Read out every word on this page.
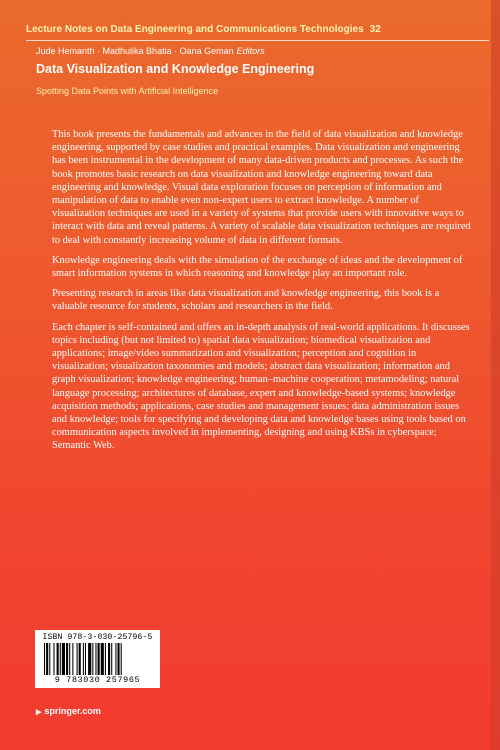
Lecture Notes on Data Engineering and Communications Technologies 32
Jude Hemanth · Madhulika Bhatia · Oana Geman Editors
Data Visualization and Knowledge Engineering
Spotting Data Points with Artificial Intelligence

This book presents the fundamentals and advances in the field of data visualization and knowledge engineering, supported by case studies and practical examples. Data visualization and engineering has been instrumental in the development of many data-driven products and processes. As such the book promotes basic research on data visualization and knowledge engineering toward data engineering and knowledge. Visual data exploration focuses on perception of information and manipulation of data to enable even non-expert users to extract knowledge. A number of visualization techniques are used in a variety of systems that provide users with innovative ways to interact with data and reveal patterns. A variety of scalable data visualization techniques are required to deal with constantly increasing volume of data in different formats.

Knowledge engineering deals with the simulation of the exchange of ideas and the development of smart information systems in which reasoning and knowledge play an important role.

Presenting research in areas like data visualization and knowledge engineering, this book is a valuable resource for students, scholars and researchers in the field.

Each chapter is self-contained and offers an in-depth analysis of real-world applications. It discusses topics including (but not limited to) spatial data visualization; biomedical visualization and applications; image/video summarization and visualization; perception and cognition in visualization; visualization taxonomies and models; abstract data visualization; information and graph visualization; knowledge engineering; human–machine cooperation; metamodeling; natural language processing; architectures of database, expert and knowledge-based systems; knowledge acquisition methods; applications, case studies and management issues: data administration issues and knowledge; tools for specifying and developing data and knowledge bases using tools based on communication aspects involved in implementing, designing and using KBSs in cyberspace; Semantic Web.

ISBN 978-3-030-25796-5
9 783030 257965
▶ springer.com
